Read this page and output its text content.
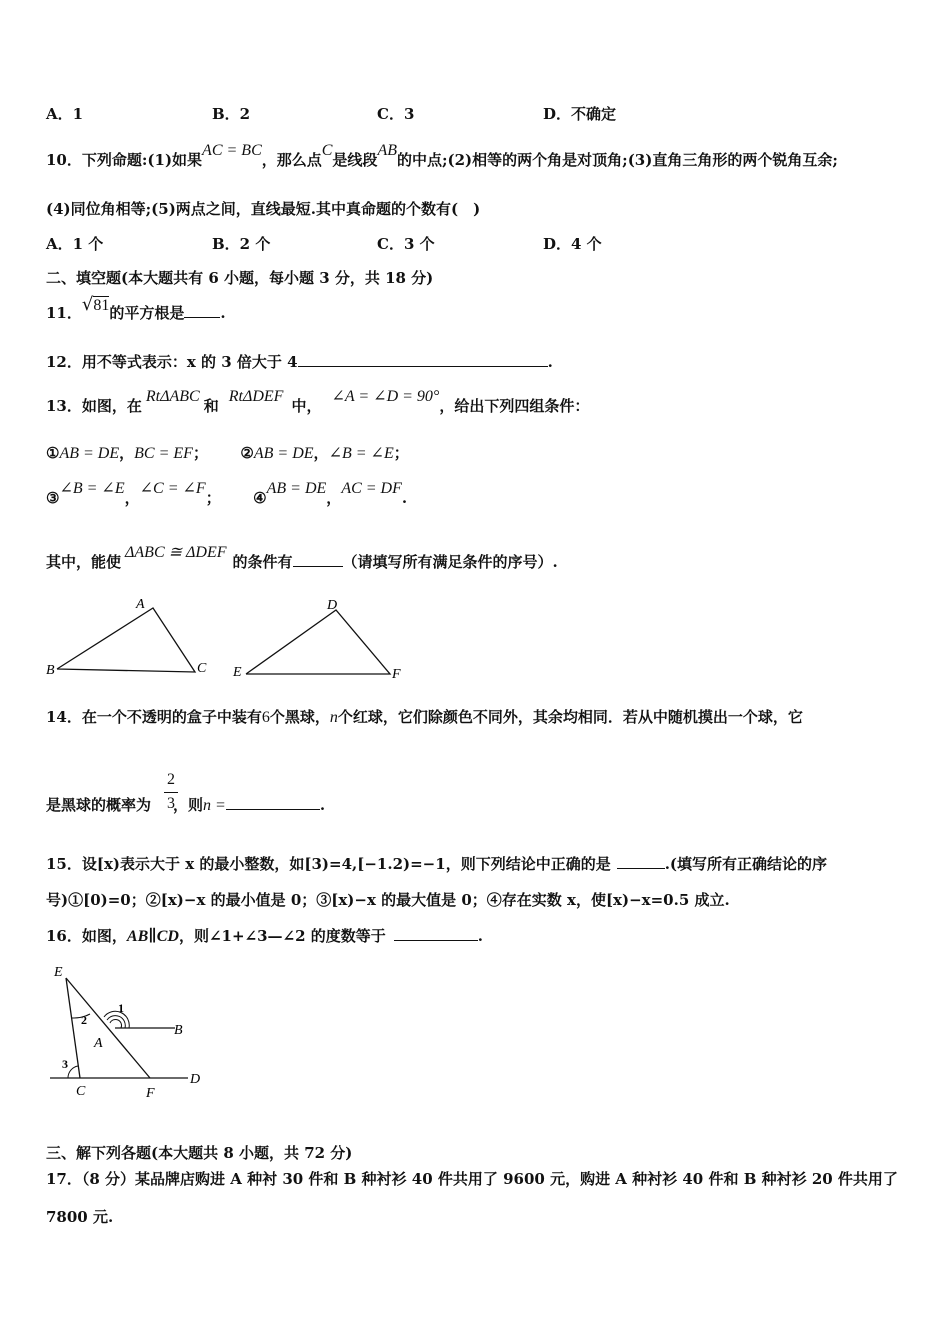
A．1	B．2	C．3	D．不确定
10．下列命题:(1)如果AC = BC，那么点C是线段AB的中点;(2)相等的两个角是对顶角;(3)直角三角形的两个锐角互余;
(4)同位角相等;(5)两点之间，直线最短.其中真命题的个数有(　)
A．1 个	B．2 个	C．3 个	D．4 个
二、填空题(本大题共有 6 小题，每小题 3 分，共 18 分)
11．√81的平方根是 .
12．用不等式表示：x 的 3 倍大于 4	.
13．如图，在RtΔABC和RtΔDEF中，∠A = ∠D = 90°，给出下列四组条件：
①AB = DE，BC = EF； ②AB = DE，∠B = ∠E；
③∠B = ∠E，∠C = ∠F； ④AB = DE，AC = DF.
其中，能使ΔABC ≅ ΔDEF的条件有	（请填写所有满足条件的序号）.
A
B	C
D
E	F
14．在一个不透明的盒子中装有6个黑球，n个红球，它们除颜色不同外，其余均相同．若从中随机摸出一个球，它
2
3
是黑球的概率为 ，则n =	.
15．设[x)表示大于 x 的最小整数，如[3)=4,[−1.2)=−1，则下列结论中正确的是	.(填写所有正确结论的序
号)①[0)=0；②[x)−x 的最小值是 0；③[x)−x 的最大值是 0；④存在实数 x，使[x)−x=0.5 成立.
16．如图，AB∥CD，则∠1+∠3—∠2 的度数等于	.
E
B
A
C	F
D
1
2
3
三、解下列各题(本大题共 8 小题，共 72 分)
17．（8 分）某品牌店购进 A 种衬 30 件和 B 种衬衫 40 件共用了 9600 元，购进 A 种衬衫 40 件和 B 种衬衫 20 件共用了
7800 元.
